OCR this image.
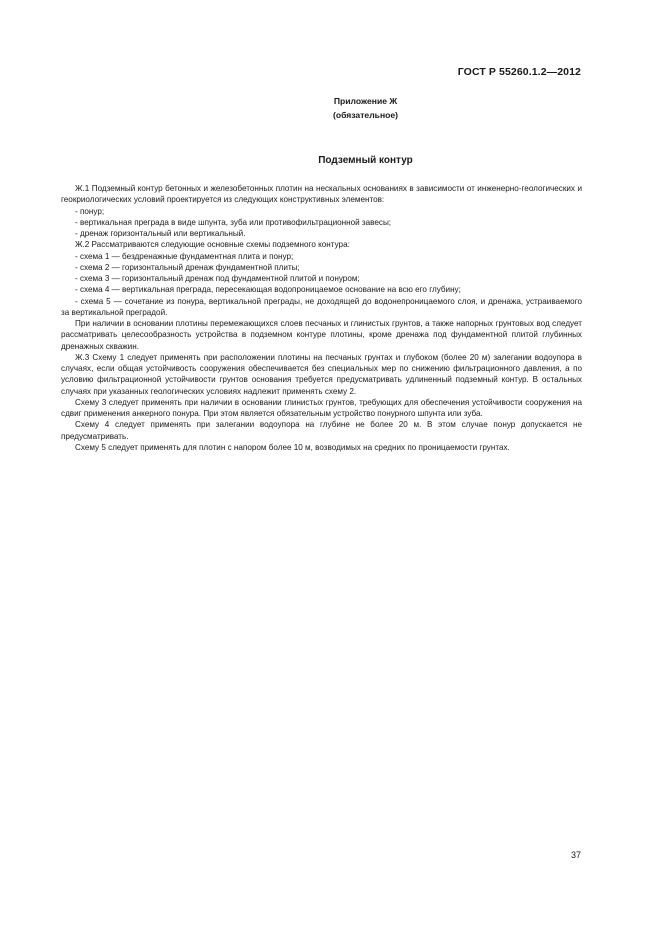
ГОСТ Р 55260.1.2—2012
Приложение Ж
(обязательное)
Подземный контур

Ж.1 Подземный контур бетонных и железобетонных плотин на нескальных основаниях в зависимости от инженерно-геологических и геокриологических условий проектируется из следующих конструктивных элементов:

- понур;

- вертикальная преграда в виде шпунта, зуба или противофильтрационной завесы;

- дренаж горизонтальный или вертикальный.

Ж.2 Рассматриваются следующие основные схемы подземного контура:

- схема 1 — бездренажные фундаментная плита и понур;

- схема 2 — горизонтальный дренаж фундаментной плиты;

- схема 3 — горизонтальный дренаж под фундаментной плитой и понуром;

- схема 4 — вертикальная преграда, пересекающая водопроницаемое основание на всю его глубину;

- схема 5 — сочетание из понура, вертикальной преграды, не доходящей до водонепроницаемого слоя, и дренажа, устраиваемого за вертикальной преградой.

При наличии в основании плотины перемежающихся слоев песчаных и глинистых грунтов, а также напорных грунтовых вод следует рассматривать целесообразность устройства в подземном контуре плотины, кроме дренажа под фундаментной плитой глубинных дренажных скважин.

Ж.3 Схему 1 следует применять при расположении плотины на песчаных грунтах и глубоком (более 20 м) залегании водоупора в случаях, если общая устойчивость сооружения обеспечивается без специальных мер по снижению фильтрационного давления, а по условию фильтрационной устойчивости грунтов основания требуется предусматривать удлиненный подземный контур. В остальных случаях при указанных геологических условиях надлежит применять схему 2.

Схему 3 следует применять при наличии в основании глинистых грунтов, требующих для обеспечения устойчивости сооружения на сдвиг применения анкерного понура. При этом является обязательным устройство понурного шпунта или зуба.

Схему 4 следует применять при залегании водоупора на глубине не более 20 м. В этом случае понур допускается не предусматривать.

Схему 5 следует применять для плотин с напором более 10 м, возводимых на средних по проницаемости грунтах.

37
